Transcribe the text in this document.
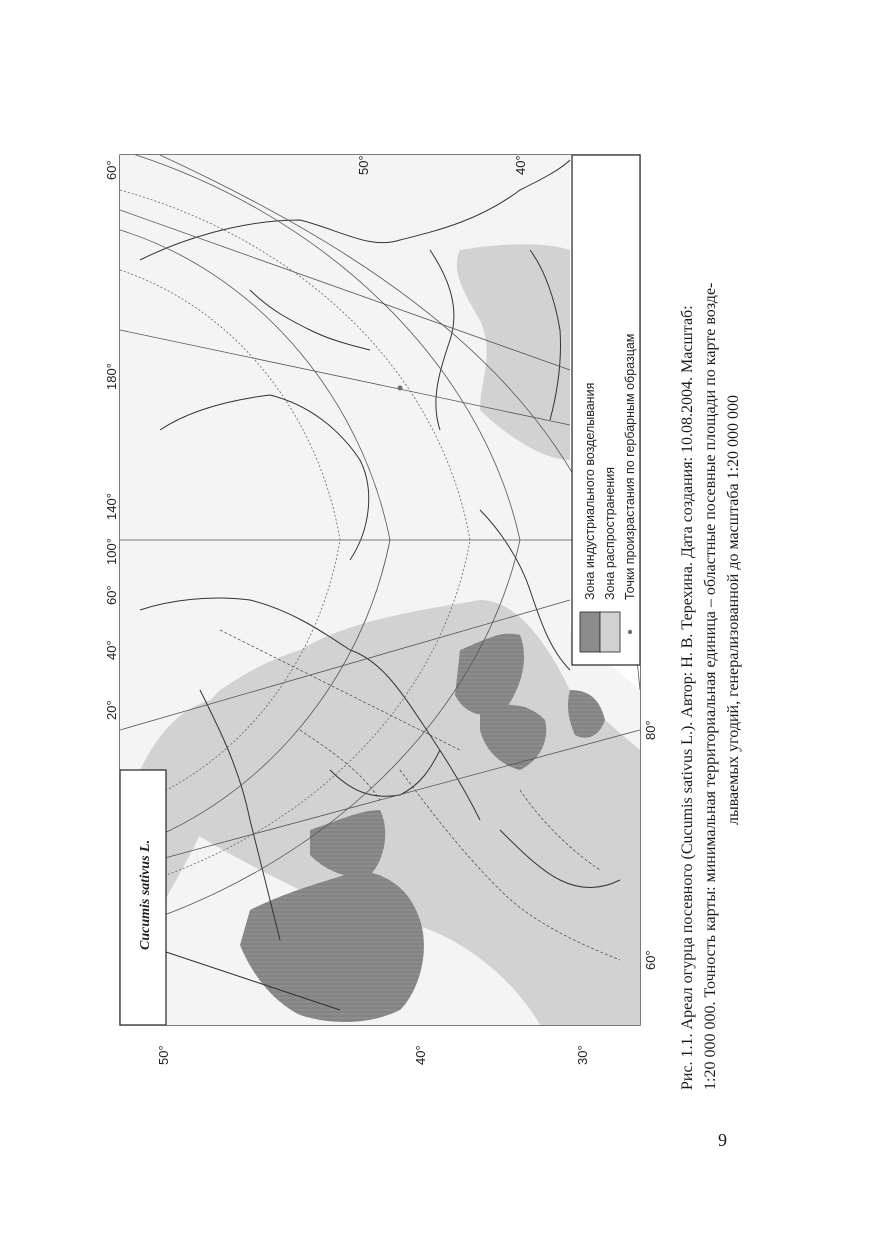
Cucumis sativus L.
Зона индустриального возделывания Зона распространения Точки произрастания по гербарным образцам
60°
20°
40°
60°
100°
140°
180°
50°	40°
80°
60°
50°	40°	30°	Рис. 1.1. Ареал огурца посевного (Cucumis sativus L.). Автор: Н. В. Терехина. Дата создания: 10.08.2004. Масштаб: 1:20 000 000. Точность карты: минимальная территориальная единица – областные посевные площади по карте возде- лываемых угодий, генерализованной до масштаба 1:20 000 000
9
